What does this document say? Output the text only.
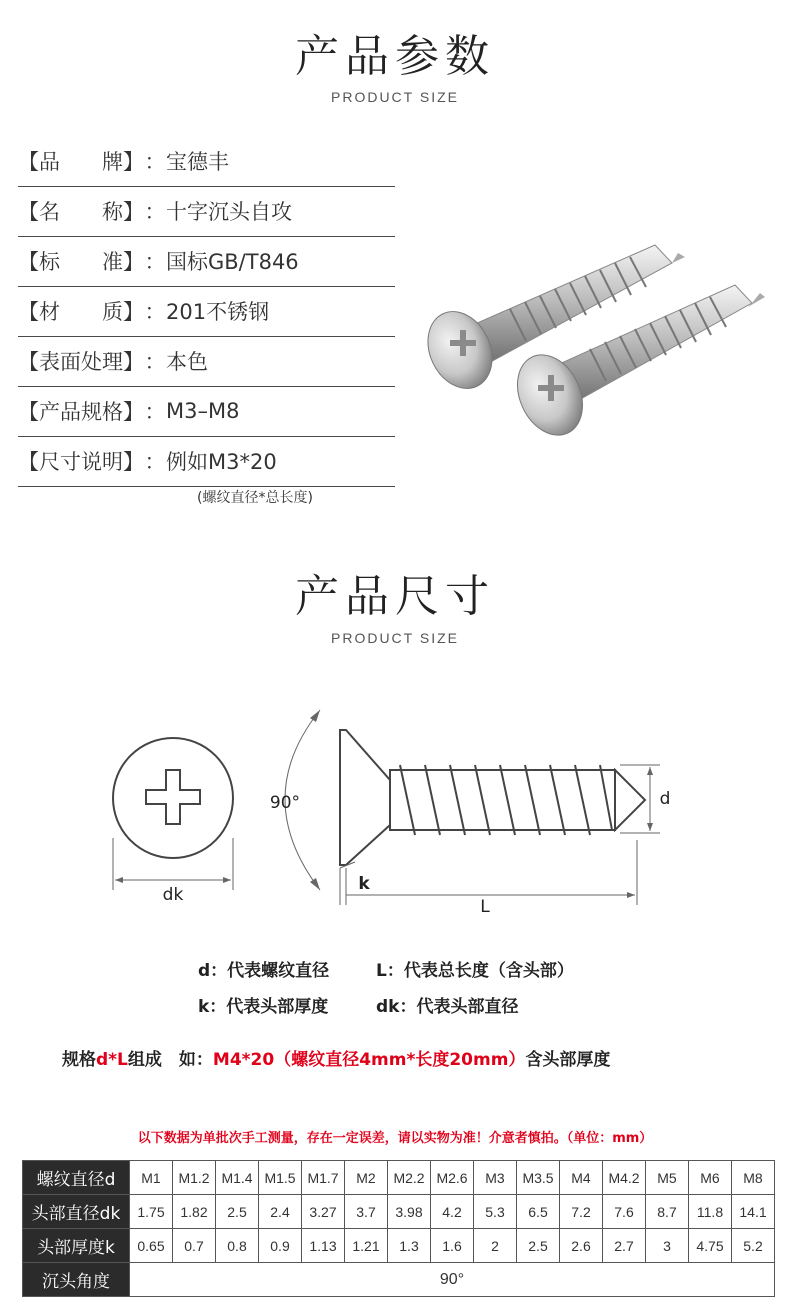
产品参数
PRODUCT SIZE
【品 牌】 ： 宝德丰
【名 称】 ： 十字沉头自攻
【标 准】 ： 国标GB/T846
【材 质】 ： 201不锈钢
【表面处理 】 ： 本色
【产品规格 】 ： M3–M8
【尺寸说明 】 ： 例如M3*20
(螺纹直径*总长度)
产品尺寸
PRODUCT SIZE
dk
90°	d
k
L
d：代表螺纹直径	L：代表总长度（含头部）
k：代表头部厚度	dk：代表头部直径
规格d*L组成　如：M4*20（螺纹直径4mm*长度20mm）含头部厚度
以下数据为单批次手工测量，存在一定误差，请以实物为准！介意者慎拍。（单位：mm）
螺纹直径d	M1	M1.2	M1.4	M1.5	M1.7	M2	M2.2	M2.6	M3	M3.5	M4	M4.2	M5	M6	M8
头部直径dk	1.75	1.82	2.5	2.4	3.27	3.7	3.98	4.2	5.3	6.5	7.2	7.6	8.7	11.8	14.1
头部厚度k	0.65	0.7	0.8	0.9	1.13	1.21	1.3	1.6	2	2.5	2.6	2.7	3	4.75	5.2
沉头角度	90°														
